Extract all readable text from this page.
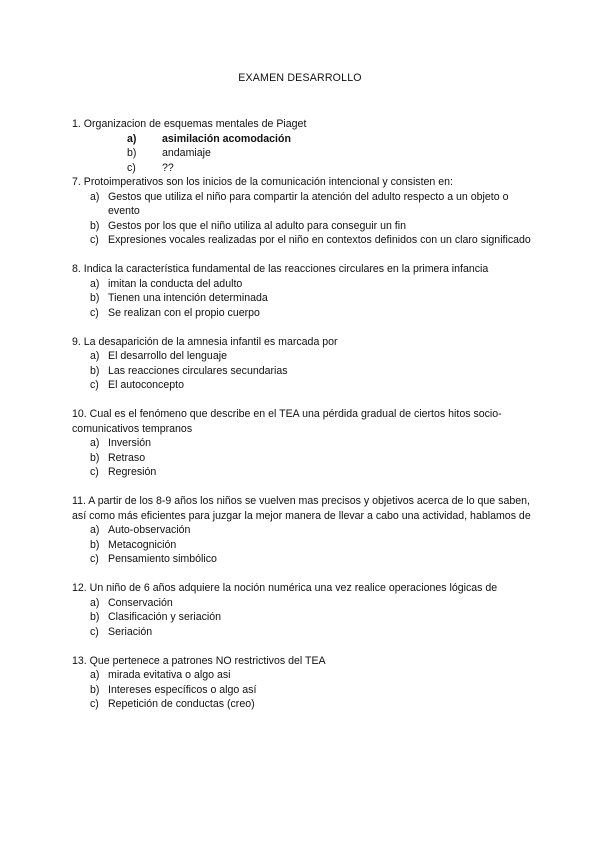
EXAMEN DESARROLLO

1. Organizacion de esquemas mentales de Piaget

a) asimilación acomodación
b) andamiaje
c) ??

7. Protoimperativos son los inicios de la comunicación intencional y consisten en:

a) Gestos que utiliza el niño para compartir la atención del adulto respecto a un objeto o evento
b) Gestos por los que el niño utiliza al adulto para conseguir un fin
c) Expresiones vocales realizadas por el niño en contextos definidos con un claro significado

8. Indica la característica fundamental de las reacciones circulares en la primera infancia

a) imitan la conducta del adulto
b) Tienen una intención determinada
c) Se realizan con el propio cuerpo

9. La desaparición de la amnesia infantil es marcada por

a) El desarrollo del lenguaje
b) Las reacciones circulares secundarias
c) El autoconcepto

10. Cual es el fenómeno que describe en el TEA una pérdida gradual de ciertos hitos socio-comunicativos tempranos

a) Inversión
b) Retraso
c) Regresión

11. A partir de los 8-9 años los niños se vuelven mas precisos y objetivos acerca de lo que saben, así como más eficientes para juzgar la mejor manera de llevar a cabo una actividad, hablamos de

a) Auto-observación
b) Metacognición
c) Pensamiento simbólico

12. Un niño de 6 años adquiere la noción numérica una vez realice operaciones lógicas de

a) Conservación
b) Clasificación y seriación
c) Seriación

13. Que pertenece a patrones NO restrictivos del TEA

a) mirada evitativa o algo asi
b) Intereses específicos o algo así
c) Repetición de conductas (creo)
